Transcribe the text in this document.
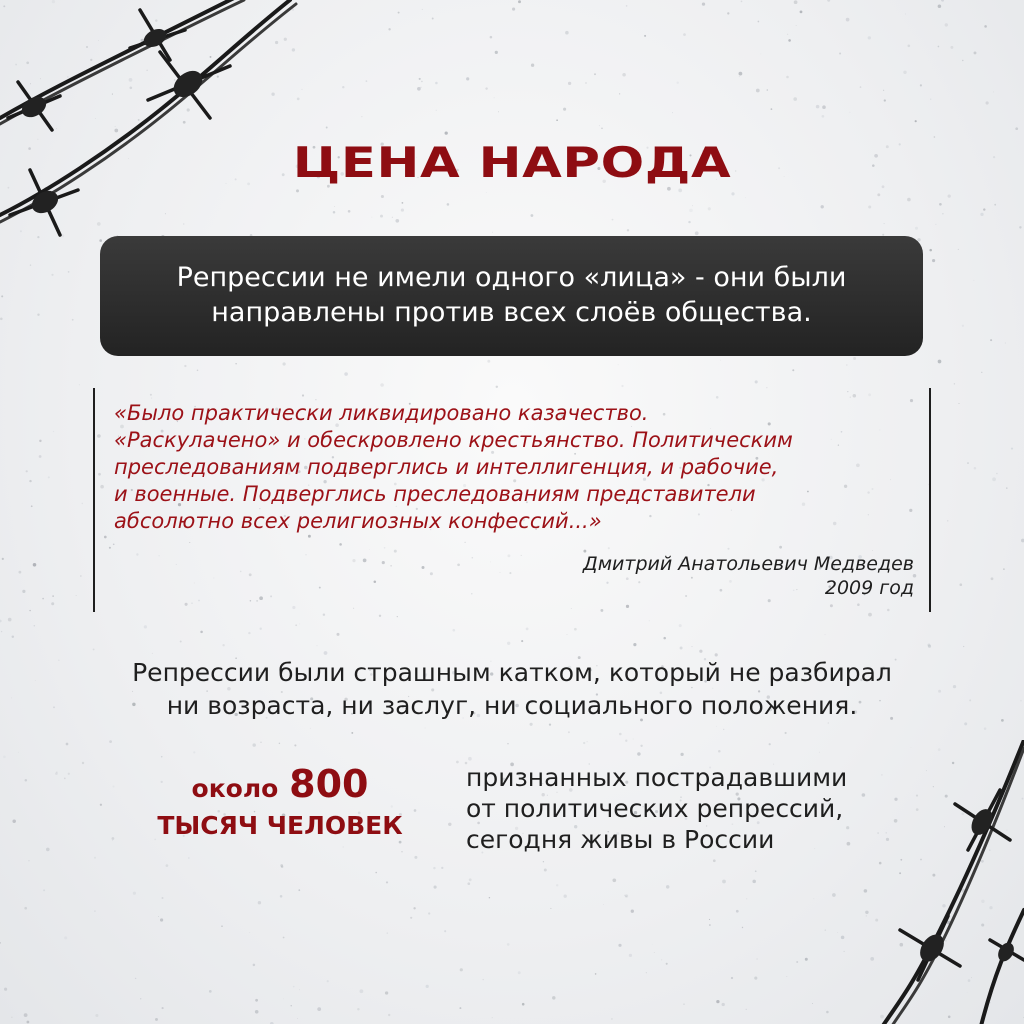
ЦЕНА НАРОДА
Репрессии не имели одного «лица» - они были
направлены против всех слоёв общества.
«Было практически ликвидировано казачество.
«Раскулачено» и обескровлено крестьянство. Политическим
преследованиям подверглись и интеллигенция, и рабочие,
и военные. Подверглись преследованиям представители
абсолютно всех религиозных конфессий...»
Дмитрий Анатольевич Медведев
2009 год
Репрессии были страшным катком, который не разбирал
ни возраста, ни заслуг, ни социального положения.
около 800
ТЫСЯЧ ЧЕЛОВЕК
признанных пострадавшими
от политических репрессий,
сегодня живы в России
